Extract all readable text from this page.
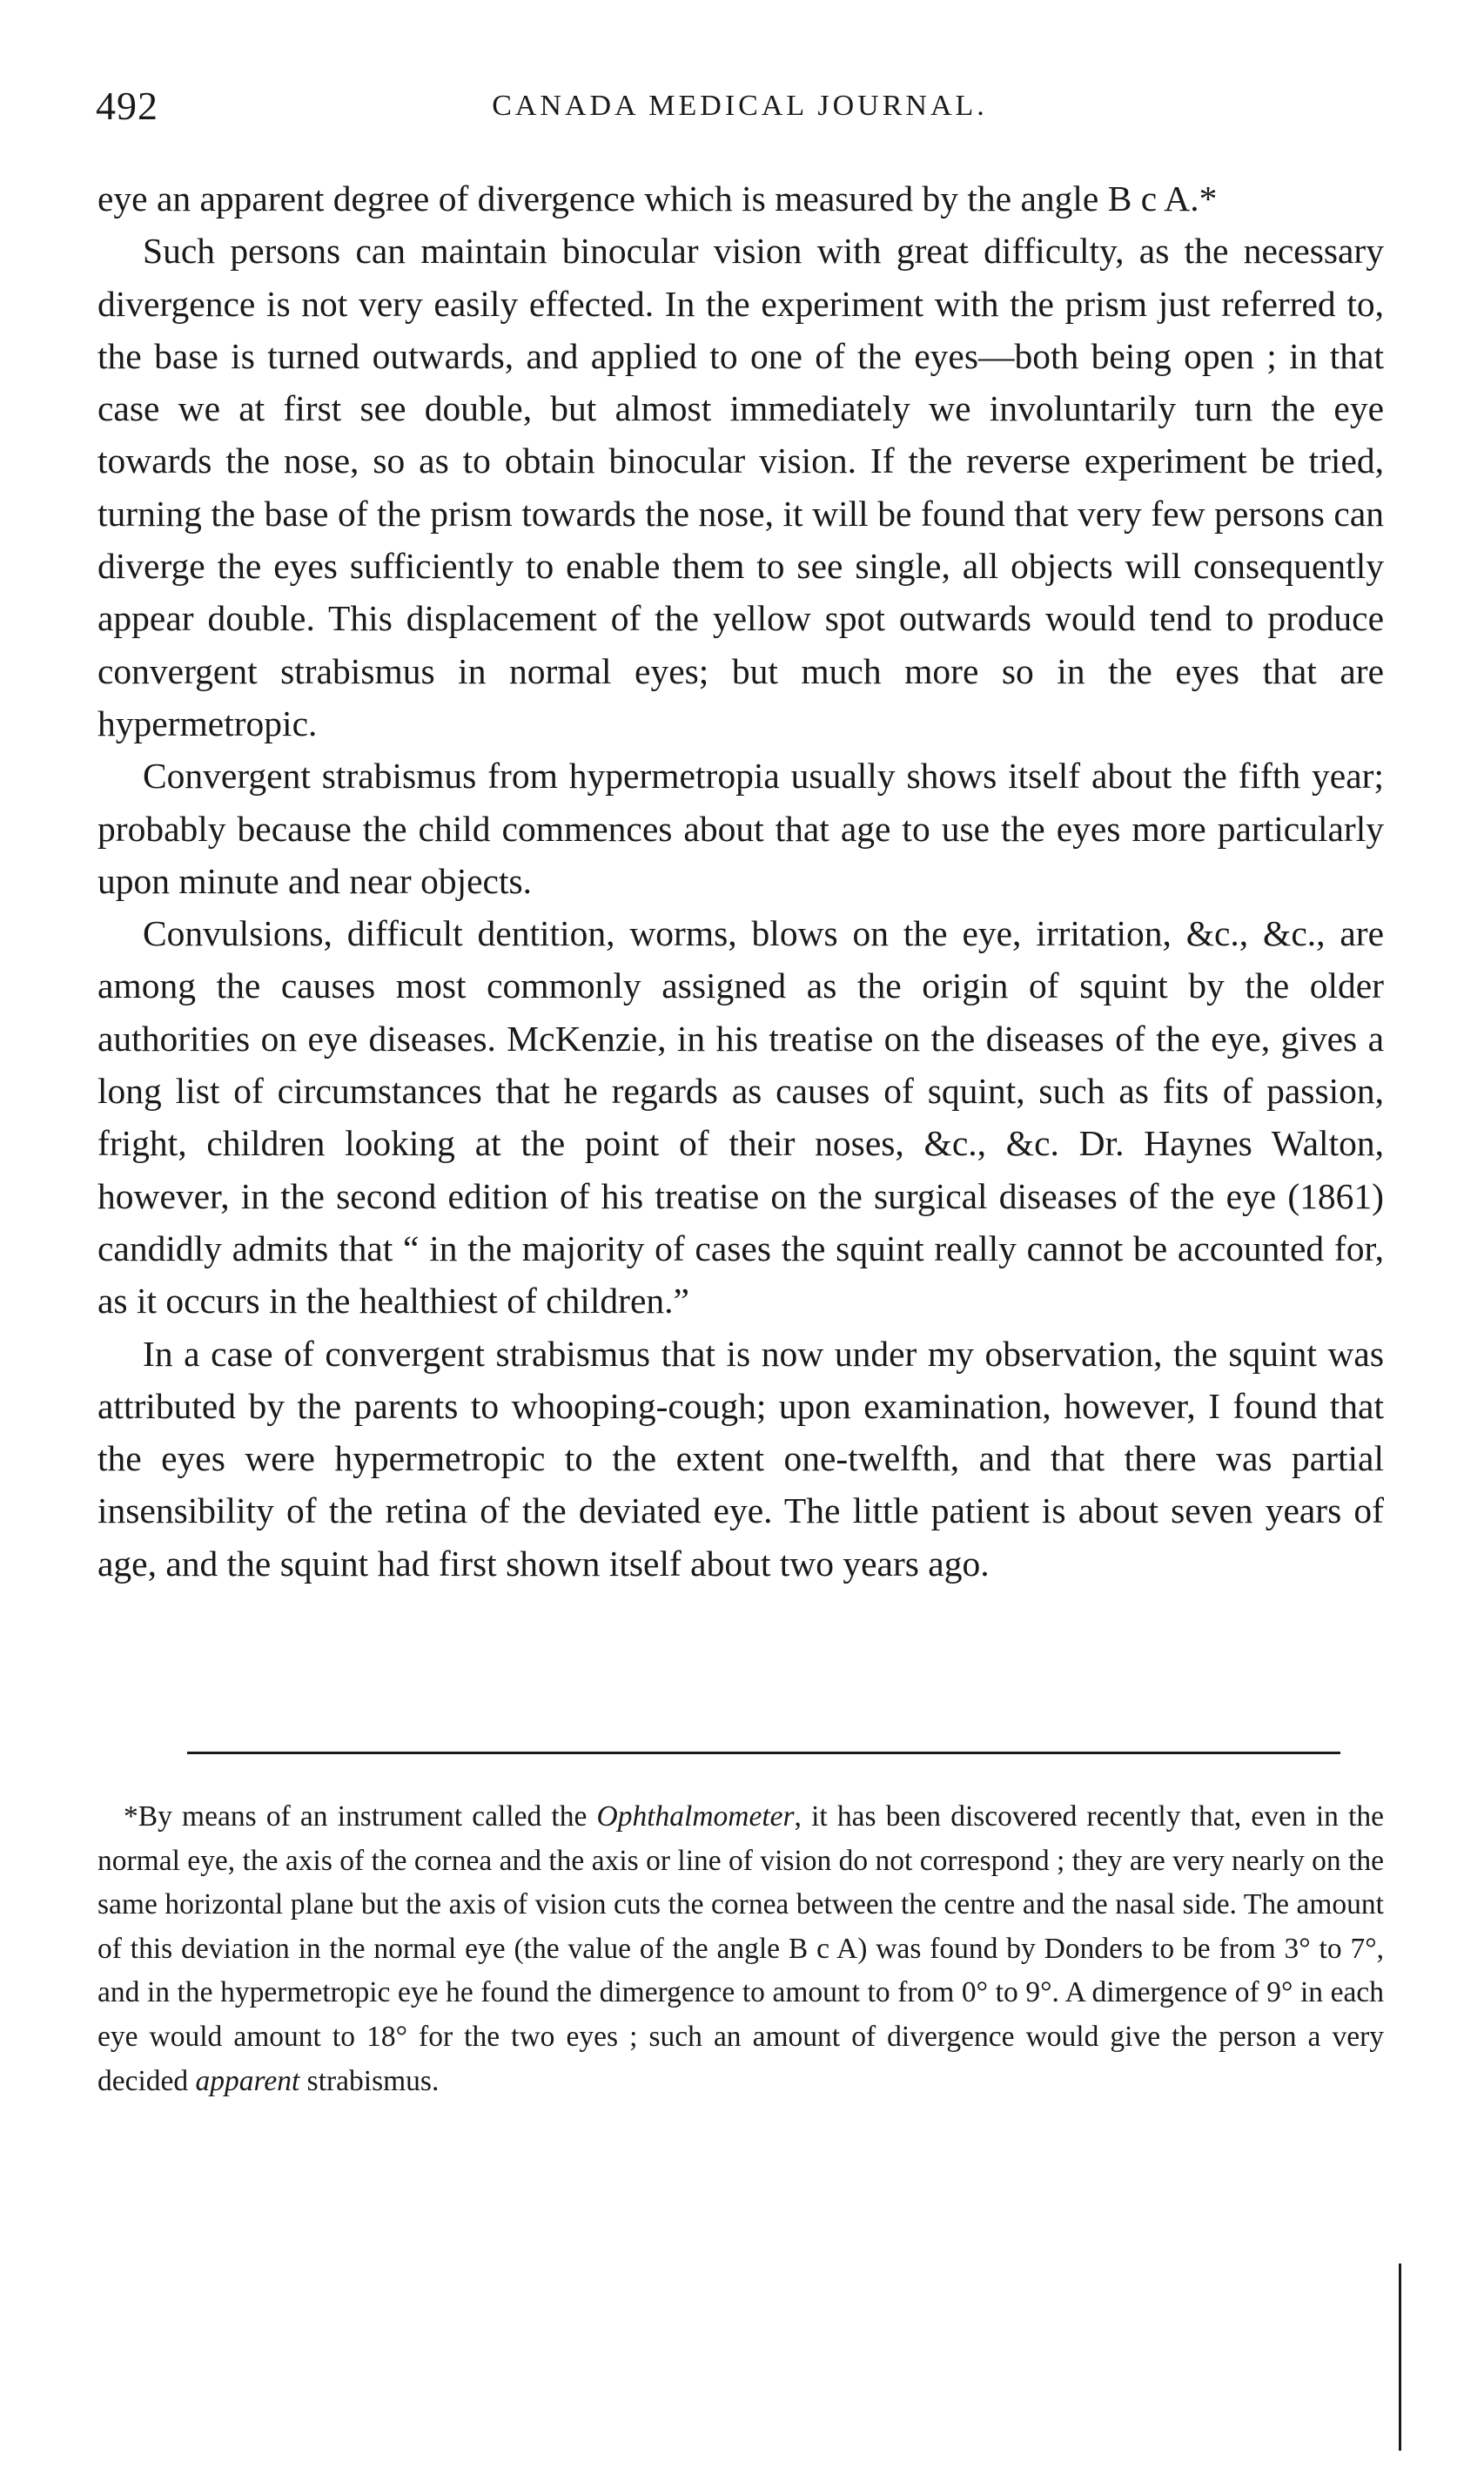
492	CANADA MEDICAL JOURNAL.

eye an apparent degree of divergence which is measured by the angle B c A.*

Such persons can maintain binocular vision with great difficulty, as the necessary divergence is not very easily effected. In the experiment with the prism just referred to, the base is turned outwards, and applied to one of the eyes—both being open ; in that case we at first see double, but almost immediately we involuntarily turn the eye towards the nose, so as to obtain binocular vision. If the reverse experiment be tried, turning the base of the prism towards the nose, it will be found that very few persons can diverge the eyes sufficiently to enable them to see single, all objects will consequently appear double. This displacement of the yellow spot outwards would tend to produce convergent strabismus in normal eyes; but much more so in the eyes that are hypermetropic.

Convergent strabismus from hypermetropia usually shows itself about the fifth year; probably because the child commences about that age to use the eyes more particularly upon minute and near objects.

Convulsions, difficult dentition, worms, blows on the eye, irritation, &c., &c., are among the causes most commonly assigned as the origin of squint by the older authorities on eye diseases. McKenzie, in his treatise on the diseases of the eye, gives a long list of circumstances that he regards as causes of squint, such as fits of passion, fright, children looking at the point of their noses, &c., &c. Dr. Haynes Walton, however, in the second edition of his treatise on the surgical diseases of the eye (1861) candidly admits that “ in the majority of cases the squint really cannot be accounted for, as it occurs in the healthiest of children.”

In a case of convergent strabismus that is now under my observation, the squint was attributed by the parents to whooping-cough; upon examination, however, I found that the eyes were hypermetropic to the extent one-twelfth, and that there was partial insensibility of the retina of the deviated eye. The little patient is about seven years of age, and the squint had first shown itself about two years ago.

*By means of an instrument called the Ophthalmometer, it has been discovered recently that, even in the normal eye, the axis of the cornea and the axis or line of vision do not correspond ; they are very nearly on the same horizontal plane but the axis of vision cuts the cornea between the centre and the nasal side. The amount of this deviation in the normal eye (the value of the angle B c A) was found by Donders to be from 3° to 7°, and in the hypermetropic eye he found the dimergence to amount to from 0° to 9°. A dimergence of 9° in each eye would amount to 18° for the two eyes ; such an amount of divergence would give the person a very decided apparent strabismus.
